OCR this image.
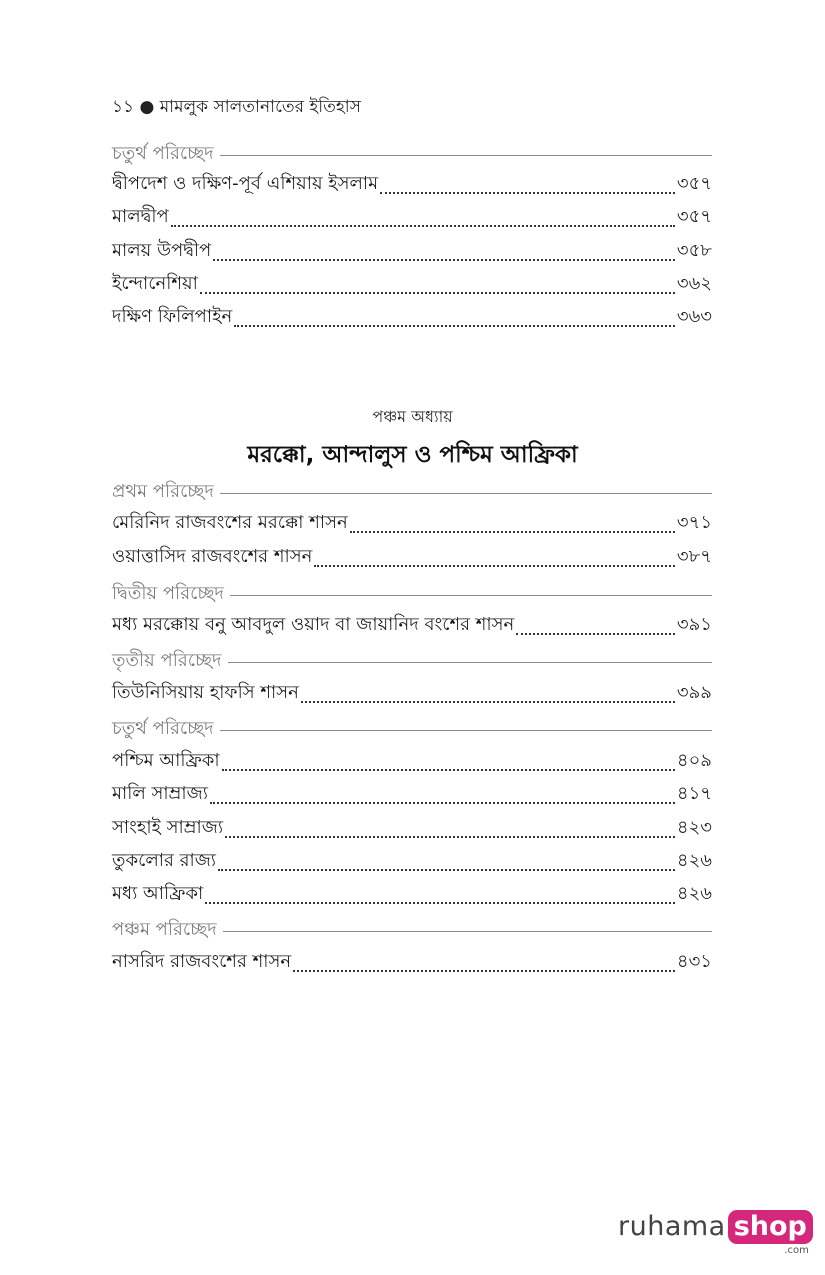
১১ ● মামলুক সালতানাতের ইতিহাস
চতুর্থ পরিচ্ছেদ
দ্বীপদেশ ও দক্ষিণ-পূর্ব এশিয়ায় ইসলাম	৩৫৭
মালদ্বীপ	৩৫৭
মালয় উপদ্বীপ	৩৫৮
ইন্দোনেশিয়া	৩৬২
দক্ষিণ ফিলিপাইন	৩৬৩
পঞ্চম অধ্যায়
মরক্কো, আন্দালুস ও পশ্চিম আফ্রিকা
প্রথম পরিচ্ছেদ
মেরিনিদ রাজবংশের মরক্কো শাসন	৩৭১
ওয়াত্তাসিদ রাজবংশের শাসন	৩৮৭
দ্বিতীয় পরিচ্ছেদ
মধ্য মরক্কোয় বনু আবদুল ওয়াদ বা জায়ানিদ বংশের শাসন	৩৯১
তৃতীয় পরিচ্ছেদ
তিউনিসিয়ায় হাফসি শাসন	৩৯৯
চতুর্থ পরিচ্ছেদ
পশ্চিম আফ্রিকা	৪০৯
মালি সাম্রাজ্য	৪১৭
সাংহাই সাম্রাজ্য	৪২৩
তুকলোর রাজ্য	৪২৬
মধ্য আফ্রিকা	৪২৬
পঞ্চম পরিচ্ছেদ
নাসরিদ রাজবংশের শাসন	৪৩১
ruhama shop
.com
